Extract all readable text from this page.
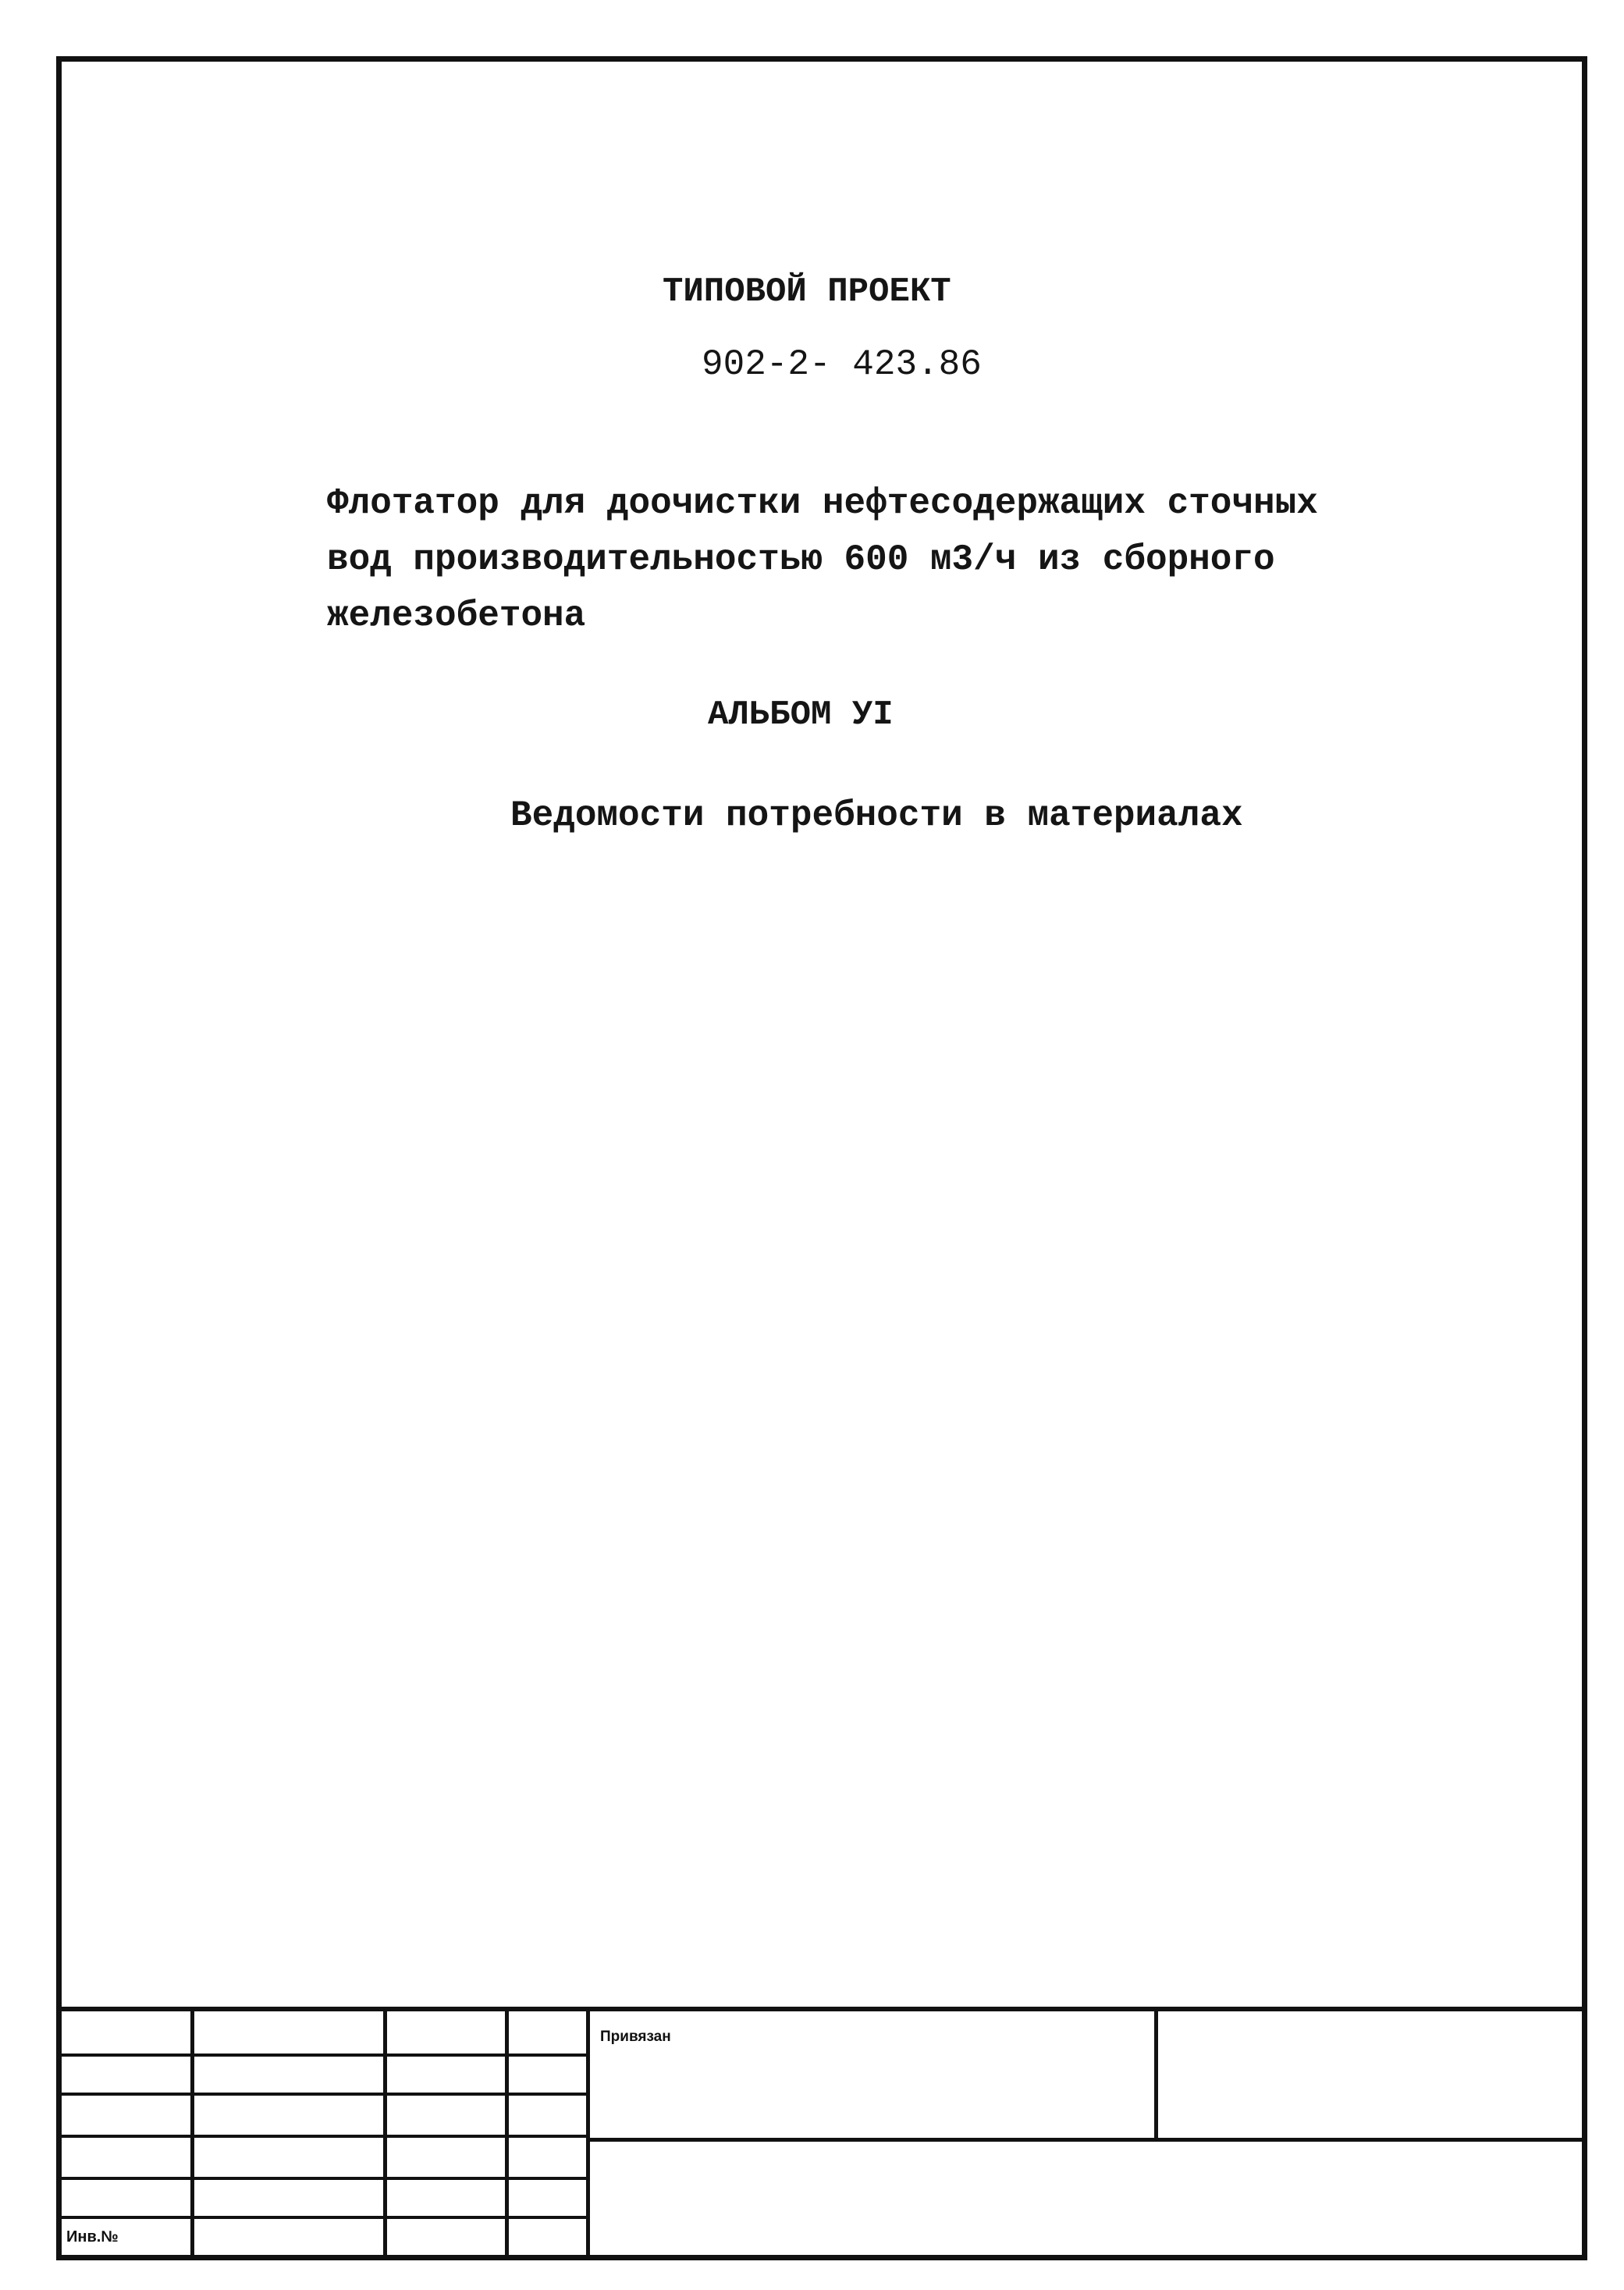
ТИПОВОЙ ПРОЕКТ

902-2- 423.86

Флотатор для доочистки нефтесодержащих сточных
вод производительностью 600 м3/ч из сборного
железобетона

АЛЬБОМ УI

Ведомости потребности в материалах

Привязан

Инв.№
